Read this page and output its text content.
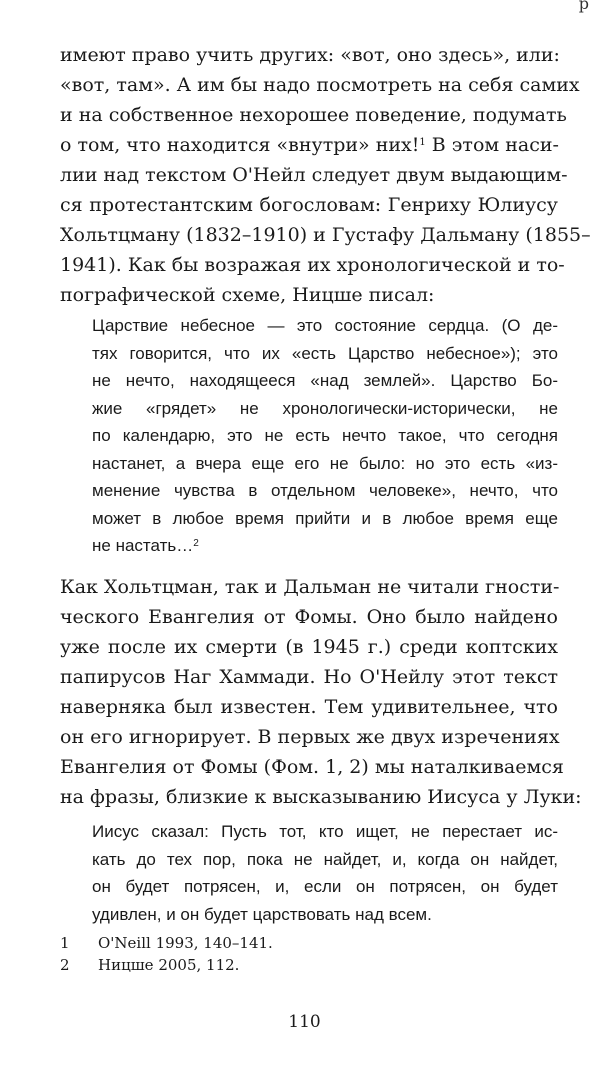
р
имеют право учить других: «вот, оно здесь», или:
«вот, там». А им бы надо посмотреть на себя самих
и на собственное нехорошее поведение, подумать
о том, что находится «внутри» них!$^1$ В этом наси-
лии над текстом О'Нейл следует двум выдающим-
ся протестантским богословам: Генриху Юлиусу
Хольтцману (1832–1910) и Густафу Дальману (1855–
1941). Как бы возражая их хронологической и то-
пографической схеме, Ницше писал:
Царствие небесное — это состояние сердца. (О де-
тях говорится, что их «есть Царство небесное»); это
не нечто, находящееся «над землей». Царство Бо-
жие «грядет» не хронологически-исторически, не
по календарю, это не есть нечто такое, что сегодня
настанет, а вчера еще его не было: но это есть «из-
менение чувства в отдельном человеке», нечто, что
может в любое время прийти и в любое время еще
не настать…$^2$
Как Хольтцман, так и Дальман не читали гности-
ческого Евангелия от Фомы. Оно было найдено
уже после их смерти (в 1945 г.) среди коптских
папирусов Наг Хаммади. Но О'Нейлу этот текст
наверняка был известен. Тем удивительнее, что
он его игнорирует. В первых же двух изречениях
Евангелия от Фомы (Фом. 1, 2) мы наталкиваемся
на фразы, близкие к высказыванию Иисуса у Луки:
Иисус сказал: Пусть тот, кто ищет, не перестает ис-
кать до тех пор, пока не найдет, и, когда он найдет,
он будет потрясен, и, если он потрясен, он будет
удивлен, и он будет царствовать над всем.
1	O'Neill 1993, 140–141.
2	Ницше 2005, 112.
110
